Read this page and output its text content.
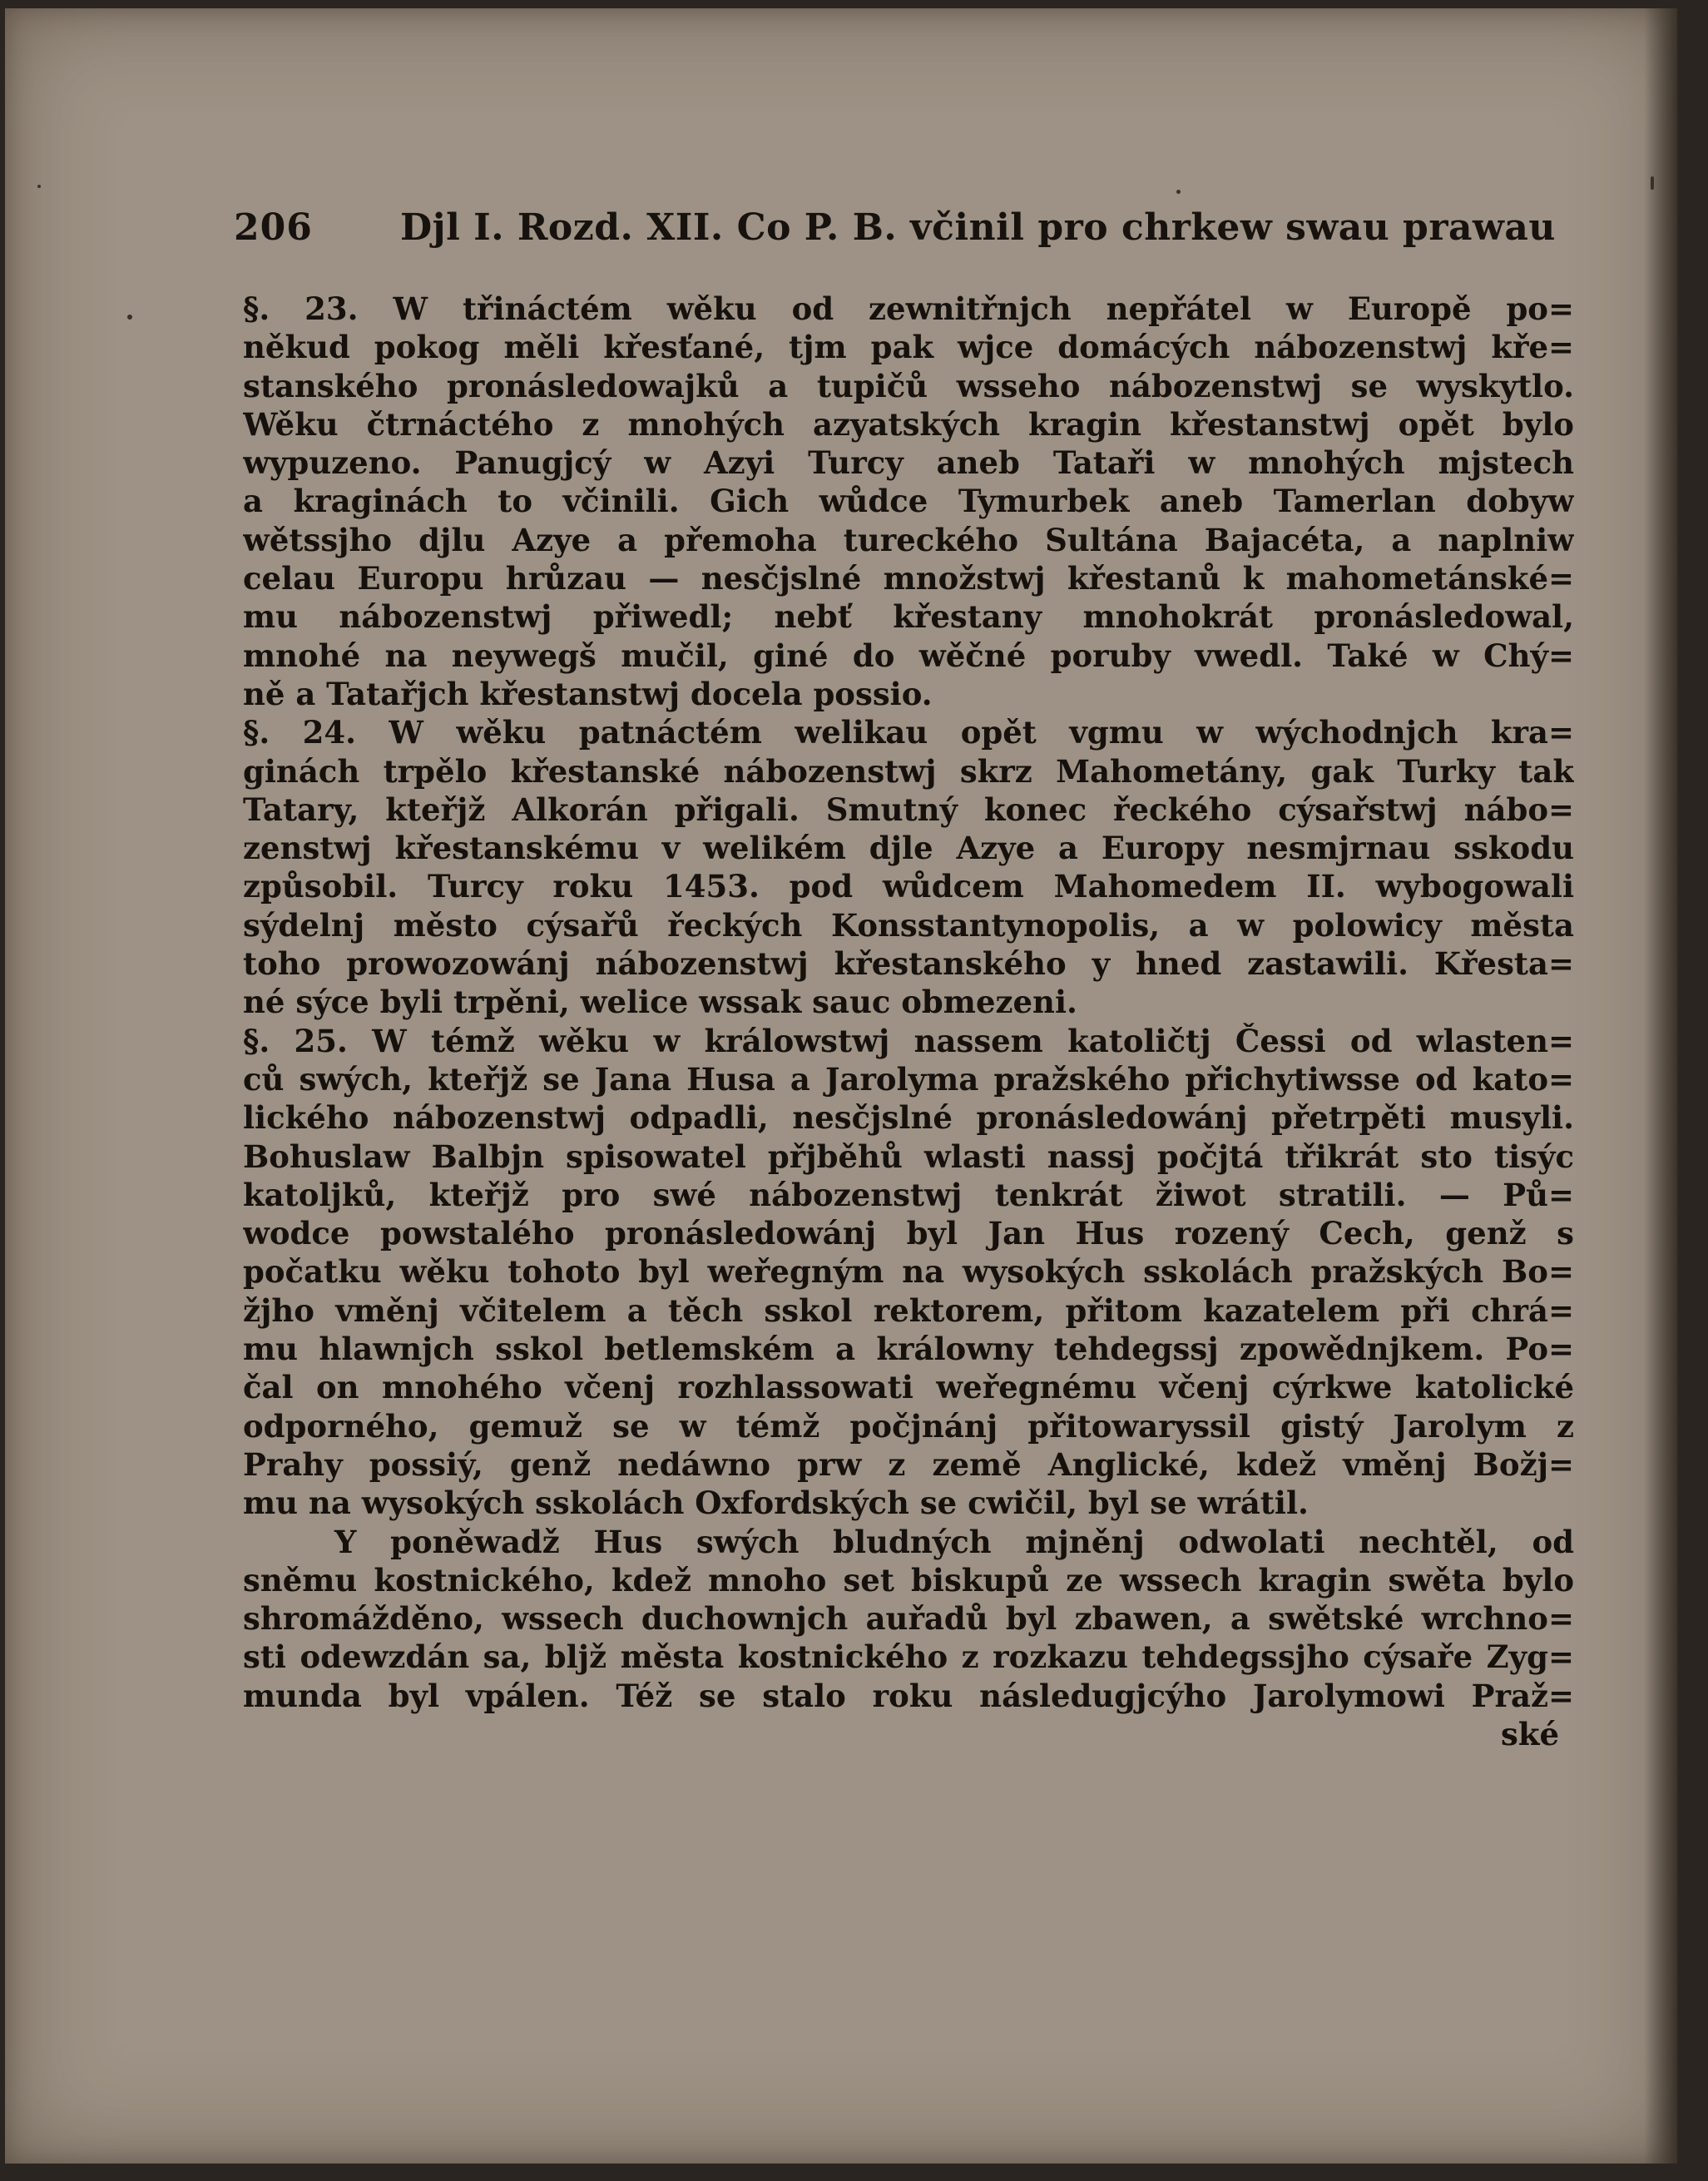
206 Djl I. Rozd. XII. Co P. B. včinil pro chrkew swau prawau
§. 23. W třináctém wěku od zewnitřnjch nepřátel w Europě po=
někud pokog měli křesťané, tjm pak wjce domácých nábozenstwj kře=
stanského pronásledowajků a tupičů wsseho nábozenstwj se wyskytlo.
Wěku čtrnáctého z mnohých azyatských kragin křestanstwj opět bylo
wypuzeno. Panugjcý w Azyi Turcy aneb Tataři w mnohých mjstech
a kraginách to včinili. Gich wůdce Tymurbek aneb Tamerlan dobyw
wětssjho djlu Azye a přemoha tureckého Sultána Bajacéta, a naplniw
celau Europu hrůzau — nesčjslné množstwj křestanů k mahometánské=
mu nábozenstwj přiwedl; nebť křestany mnohokrát pronásledowal,
mnohé na neywegš mučil, giné do wěčné poruby vwedl. Také w Chý=
ně a Tatařjch křestanstwj docela possio.
§. 24. W wěku patnáctém welikau opět vgmu w wýchodnjch kra=
ginách trpělo křestanské nábozenstwj skrz Mahometány, gak Turky tak
Tatary, kteřjž Alkorán přigali. Smutný konec řeckého cýsařstwj nábo=
zenstwj křestanskému v welikém djle Azye a Europy nesmjrnau sskodu
způsobil. Turcy roku 1453. pod wůdcem Mahomedem II. wybogowali
sýdelnj město cýsařů řeckých Konsstantynopolis, a w polowicy města
toho prowozowánj nábozenstwj křestanského y hned zastawili. Křesta=
né sýce byli trpěni, welice wssak sauc obmezeni.
§. 25. W témž wěku w králowstwj nassem katoličtj Čessi od wlasten=
ců swých, kteřjž se Jana Husa a Jarolyma pražského přichytiwsse od kato=
lického nábozenstwj odpadli, nesčjslné pronásledowánj přetrpěti musyli.
Bohuslaw Balbjn spisowatel přjběhů wlasti nassj počjtá třikrát sto tisýc
katoljků, kteřjž pro swé nábozenstwj tenkrát žiwot stratili. — Pů=
wodce powstalého pronásledowánj byl Jan Hus rozený Cech, genž s
počatku wěku tohoto byl weřegným na wysokých sskolách pražských Bo=
žjho vměnj včitelem a těch sskol rektorem, přitom kazatelem při chrá=
mu hlawnjch sskol betlemském a králowny tehdegssj zpowědnjkem. Po=
čal on mnohého včenj rozhlassowati weřegnému včenj cýrkwe katolické
odporného, gemuž se w témž počjnánj přitowaryssil gistý Jarolym z
Prahy possiý, genž nedáwno prw z země Anglické, kdež vměnj Božj=
mu na wysokých sskolách Oxfordských se cwičil, byl se wrátil.
Y poněwadž Hus swých bludných mjněnj odwolati nechtěl, od
sněmu kostnického, kdež mnoho set biskupů ze wssech kragin swěta bylo
shromážděno, wssech duchownjch auřadů byl zbawen, a swětské wrchno=
sti odewzdán sa, bljž města kostnického z rozkazu tehdegssjho cýsaře Zyg=
munda byl vpálen. Též se stalo roku následugjcýho Jarolymowi Praž=
ské
